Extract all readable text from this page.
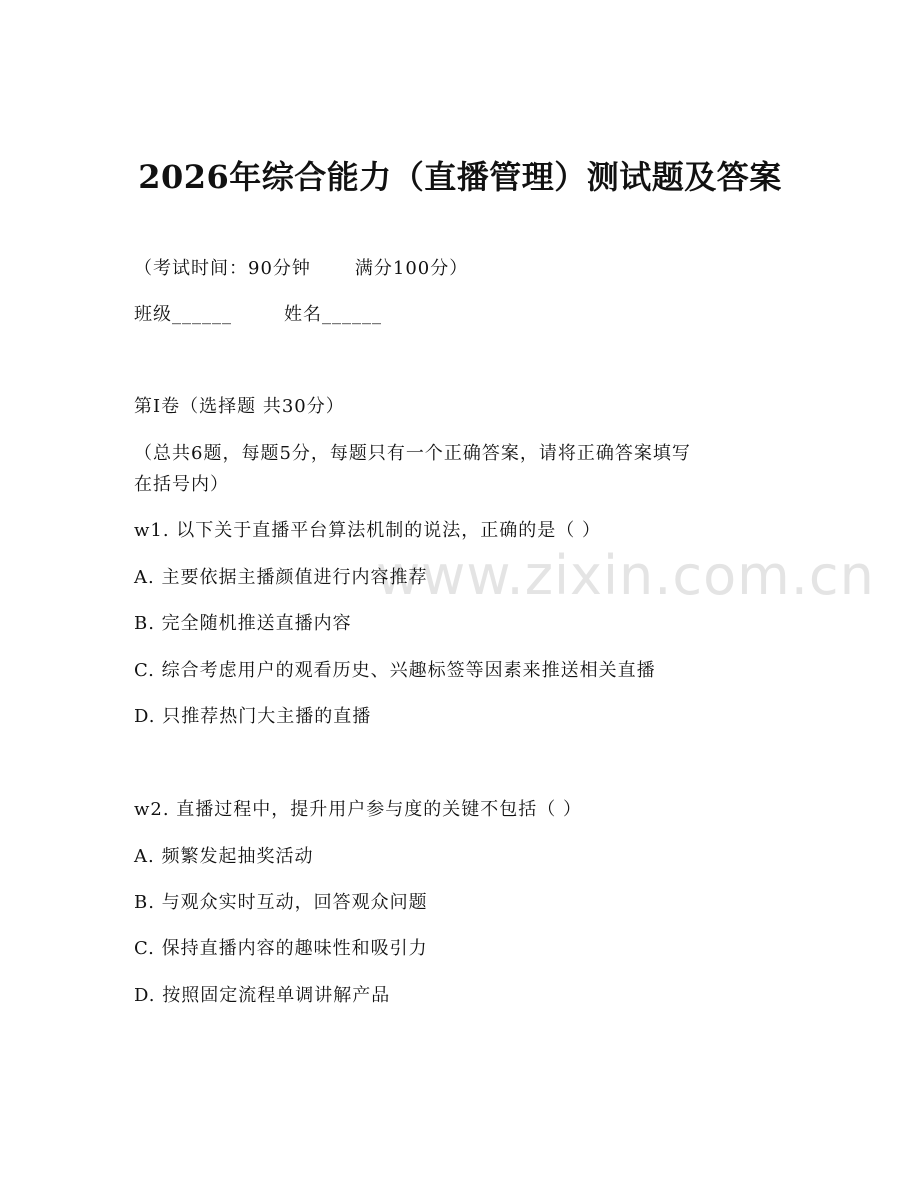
www.zixin.com.cn
2026年综合能力（直播管理）测试题及答案
（考试时间：90分钟 满分100分）
班级______	姓名______
第I卷（选择题 共30分）
（总共6题，每题5分，每题只有一个正确答案，请将正确答案填写
在括号内）
w1. 以下关于直播平台算法机制的说法，正确的是（ ）
A. 主要依据主播颜值进行内容推荐
B. 完全随机推送直播内容
C. 综合考虑用户的观看历史、兴趣标签等因素来推送相关直播
D. 只推荐热门大主播的直播
w2. 直播过程中，提升用户参与度的关键不包括（ ）
A. 频繁发起抽奖活动
B. 与观众实时互动，回答观众问题
C. 保持直播内容的趣味性和吸引力
D. 按照固定流程单调讲解产品
